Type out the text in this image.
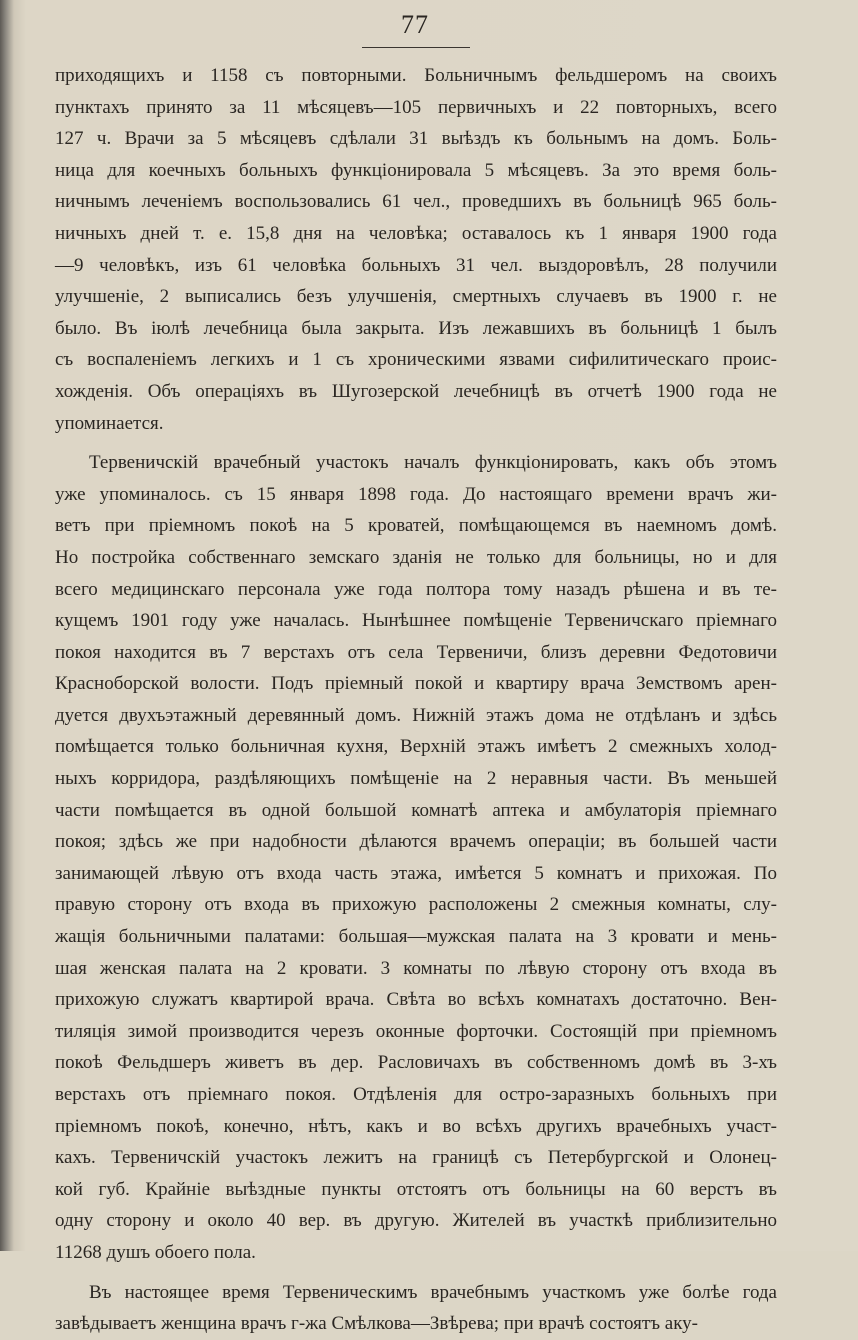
77
приходящихъ и 1158 съ повторными. Больничнымъ фельдшеромъ на своихъ
пунктахъ принято за 11 мѣсяцевъ—105 первичныхъ и 22 повторныхъ, всего
127 ч. Врачи за 5 мѣсяцевъ сдѣлали 31 выѣздъ къ больнымъ на домъ. Боль-
ница для коечныхъ больныхъ функціонировала 5 мѣсяцевъ. За это время боль-
ничнымъ леченіемъ воспользовались 61 чел., проведшихъ въ больницѣ 965 боль-
ничныхъ дней т. е. 15,8 дня на человѣка; оставалось къ 1 января 1900 года
—9 человѣкъ, изъ 61 человѣка больныхъ 31 чел. выздоровѣлъ, 28 получили
улучшеніе, 2 выписались безъ улучшенія, смертныхъ случаевъ въ 1900 г. не
было. Въ іюлѣ лечебница была закрыта. Изъ лежавшихъ въ больницѣ 1 былъ
съ воспаленіемъ легкихъ и 1 съ хроническими язвами сифилитическаго проис-
хожденія. Объ операціяхъ въ Шугозерской лечебницѣ въ отчетѣ 1900 года не
упоминается.
Тервеничскій врачебный участокъ началъ функціонировать, какъ объ этомъ
уже упоминалось. съ 15 января 1898 года. До настоящаго времени врачъ жи-
ветъ при пріемномъ покоѣ на 5 кроватей, помѣщающемся въ наемномъ домѣ.
Но постройка собственнаго земскаго зданія не только для больницы, но и для
всего медицинскаго персонала уже года полтора тому назадъ рѣшена и въ те-
кущемъ 1901 году уже началась. Нынѣшнее помѣщеніе Тервеничскаго пріемнаго
покоя находится въ 7 верстахъ отъ села Тервеничи, близъ деревни Федотовичи
Красноборской волости. Подъ пріемный покой и квартиру врача Земствомъ арен-
дуется двухъэтажный деревянный домъ. Нижній этажъ дома не отдѣланъ и здѣсь
помѣщается только больничная кухня, Верхній этажъ имѣетъ 2 смежныхъ холод-
ныхъ корридора, раздѣляющихъ помѣщеніе на 2 неравныя части. Въ меньшей
части помѣщается въ одной большой комнатѣ аптека и амбулаторія пріемнаго
покоя; здѣсь же при надобности дѣлаются врачемъ операціи; въ большей части
занимающей лѣвую отъ входа часть этажа, имѣется 5 комнатъ и прихожая. По
правую сторону отъ входа въ прихожую расположены 2 смежныя комнаты, слу-
жащія больничными палатами: большая—мужская палата на 3 кровати и мень-
шая женская палата на 2 кровати. 3 комнаты по лѣвую сторону отъ входа въ
прихожую служатъ квартирой врача. Свѣта во всѣхъ комнатахъ достаточно. Вен-
тиляція зимой производится черезъ оконные форточки. Состоящій при пріемномъ
покоѣ Фельдшеръ живетъ въ дер. Расловичахъ въ собственномъ домѣ въ 3-хъ
верстахъ отъ пріемнаго покоя. Отдѣленія для остро-заразныхъ больныхъ при
пріемномъ покоѣ, конечно, нѣтъ, какъ и во всѣхъ другихъ врачебныхъ участ-
кахъ. Тервеничскій участокъ лежитъ на границѣ съ Петербургской и Олонец-
кой губ. Крайніе выѣздные пункты отстоятъ отъ больницы на 60 верстъ въ
одну сторону и около 40 вер. въ другую. Жителей въ участкѣ приблизительно
11268 душъ обоего пола.
Въ настоящее время Тервеническимъ врачебнымъ участкомъ уже болѣе года
завѣдываетъ женщина врачъ г-жа Смѣлкова—Звѣрева; при врачѣ состоятъ аку-
